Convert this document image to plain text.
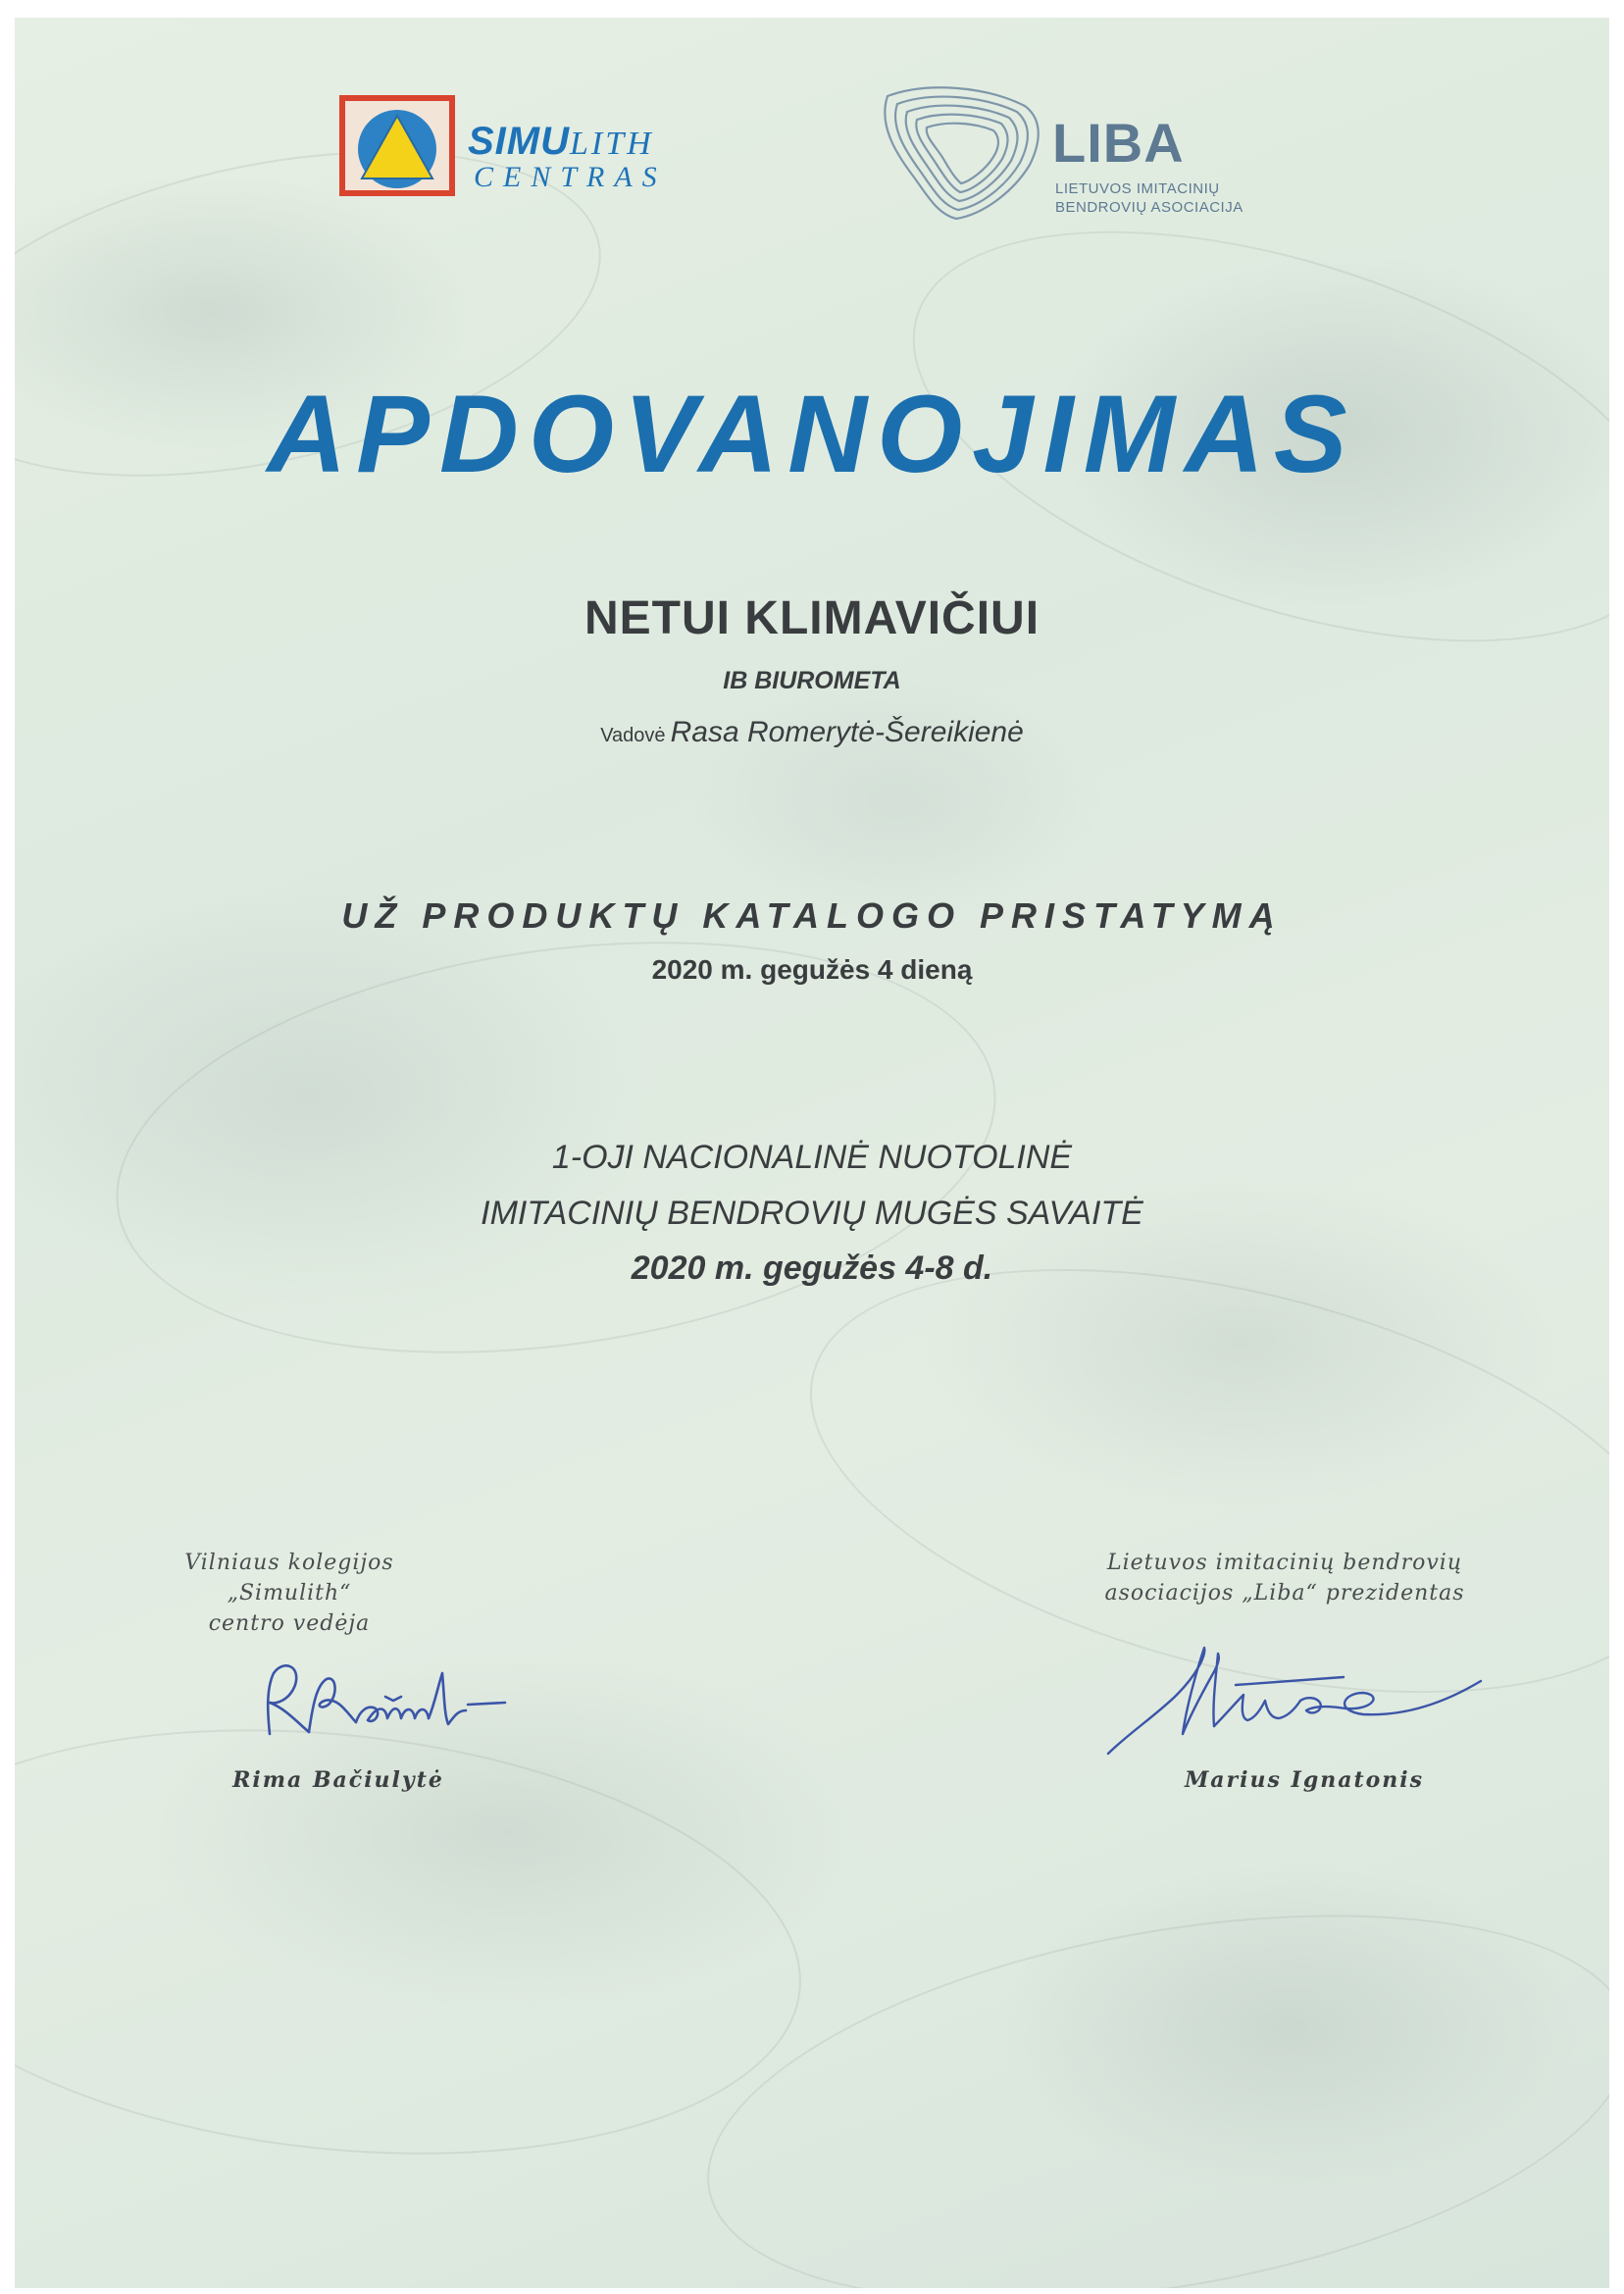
SIMULITH
CENTRAS
LIBA
LIETUVOS IMITACINIŲ
BENDROVIŲ ASOCIACIJA
APDOVANOJIMAS
NETUI KLIMAVIČIUI
IB BIUROMETA
Vadovė Rasa Romerytė-Šereikienė
UŽ PRODUKTŲ KATALOGO PRISTATYMĄ
2020 m. gegužės 4 dieną
1-OJI NACIONALINĖ NUOTOLINĖ
IMITACINIŲ BENDROVIŲ MUGĖS SAVAITĖ
2020 m. gegužės 4-8 d.
Vilniaus kolegijos „Simulith“
centro vedėja
Rima Bačiulytė
Lietuvos imitacinių bendrovių
asociacijos „Liba“ prezidentas
Marius Ignatonis
